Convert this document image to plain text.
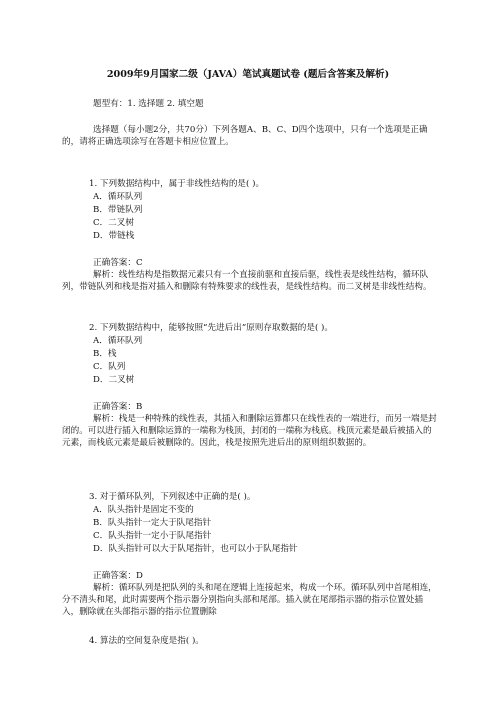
2009年9月国家二级（JAVA）笔试真题试卷 (题后含答案及解析)
题型有：1. 选择题 2. 填空题
选择题（每小题2分，共70分）下列各题A、B、C、D四个选项中，只有一个选项是正确的，请将正确选项涂写在答题卡相应位置上。
1. 下列数据结构中，属于非线性结构的是( )。
A．循环队列
B．带链队列
C．二叉树
D．带链栈
正确答案：C
解析：线性结构是指数据元素只有一个直接前驱和直接后驱，线性表是线性结构，循环队列，带链队列和栈是指对插入和删除有特殊要求的线性表，是线性结构。而二叉树是非线性结构。
2. 下列数据结构中，能够按照“先进后出”原则存取数据的是( )。
A．循环队列
B．栈
C．队列
D．二叉树
正确答案：B
解析：栈是一种特殊的线性表，其插入和删除运算都只在线性表的一端进行，而另一端是封闭的。可以进行插入和删除运算的一端称为栈顶，封闭的一端称为栈底。栈顶元素是最后被插入的元素，而栈底元素是最后被删除的。因此，栈是按照先进后出的原则组织数据的。
3. 对于循环队列，下列叙述中正确的是( )。
A．队头指针是固定不变的
B．队头指针一定大于队尾指针
C．队头指针一定小于队尾指针
D．队头指针可以大于队尾指针，也可以小于队尾指针
正确答案：D
解析：循环队列是把队列的头和尾在逻辑上连接起来，构成一个环。循环队列中首尾相连，分不清头和尾，此时需要两个指示器分别指向头部和尾部。插入就在尾部指示器的指示位置处插入，删除就在头部指示器的指示位置删除
4. 算法的空间复杂度是指( )。
